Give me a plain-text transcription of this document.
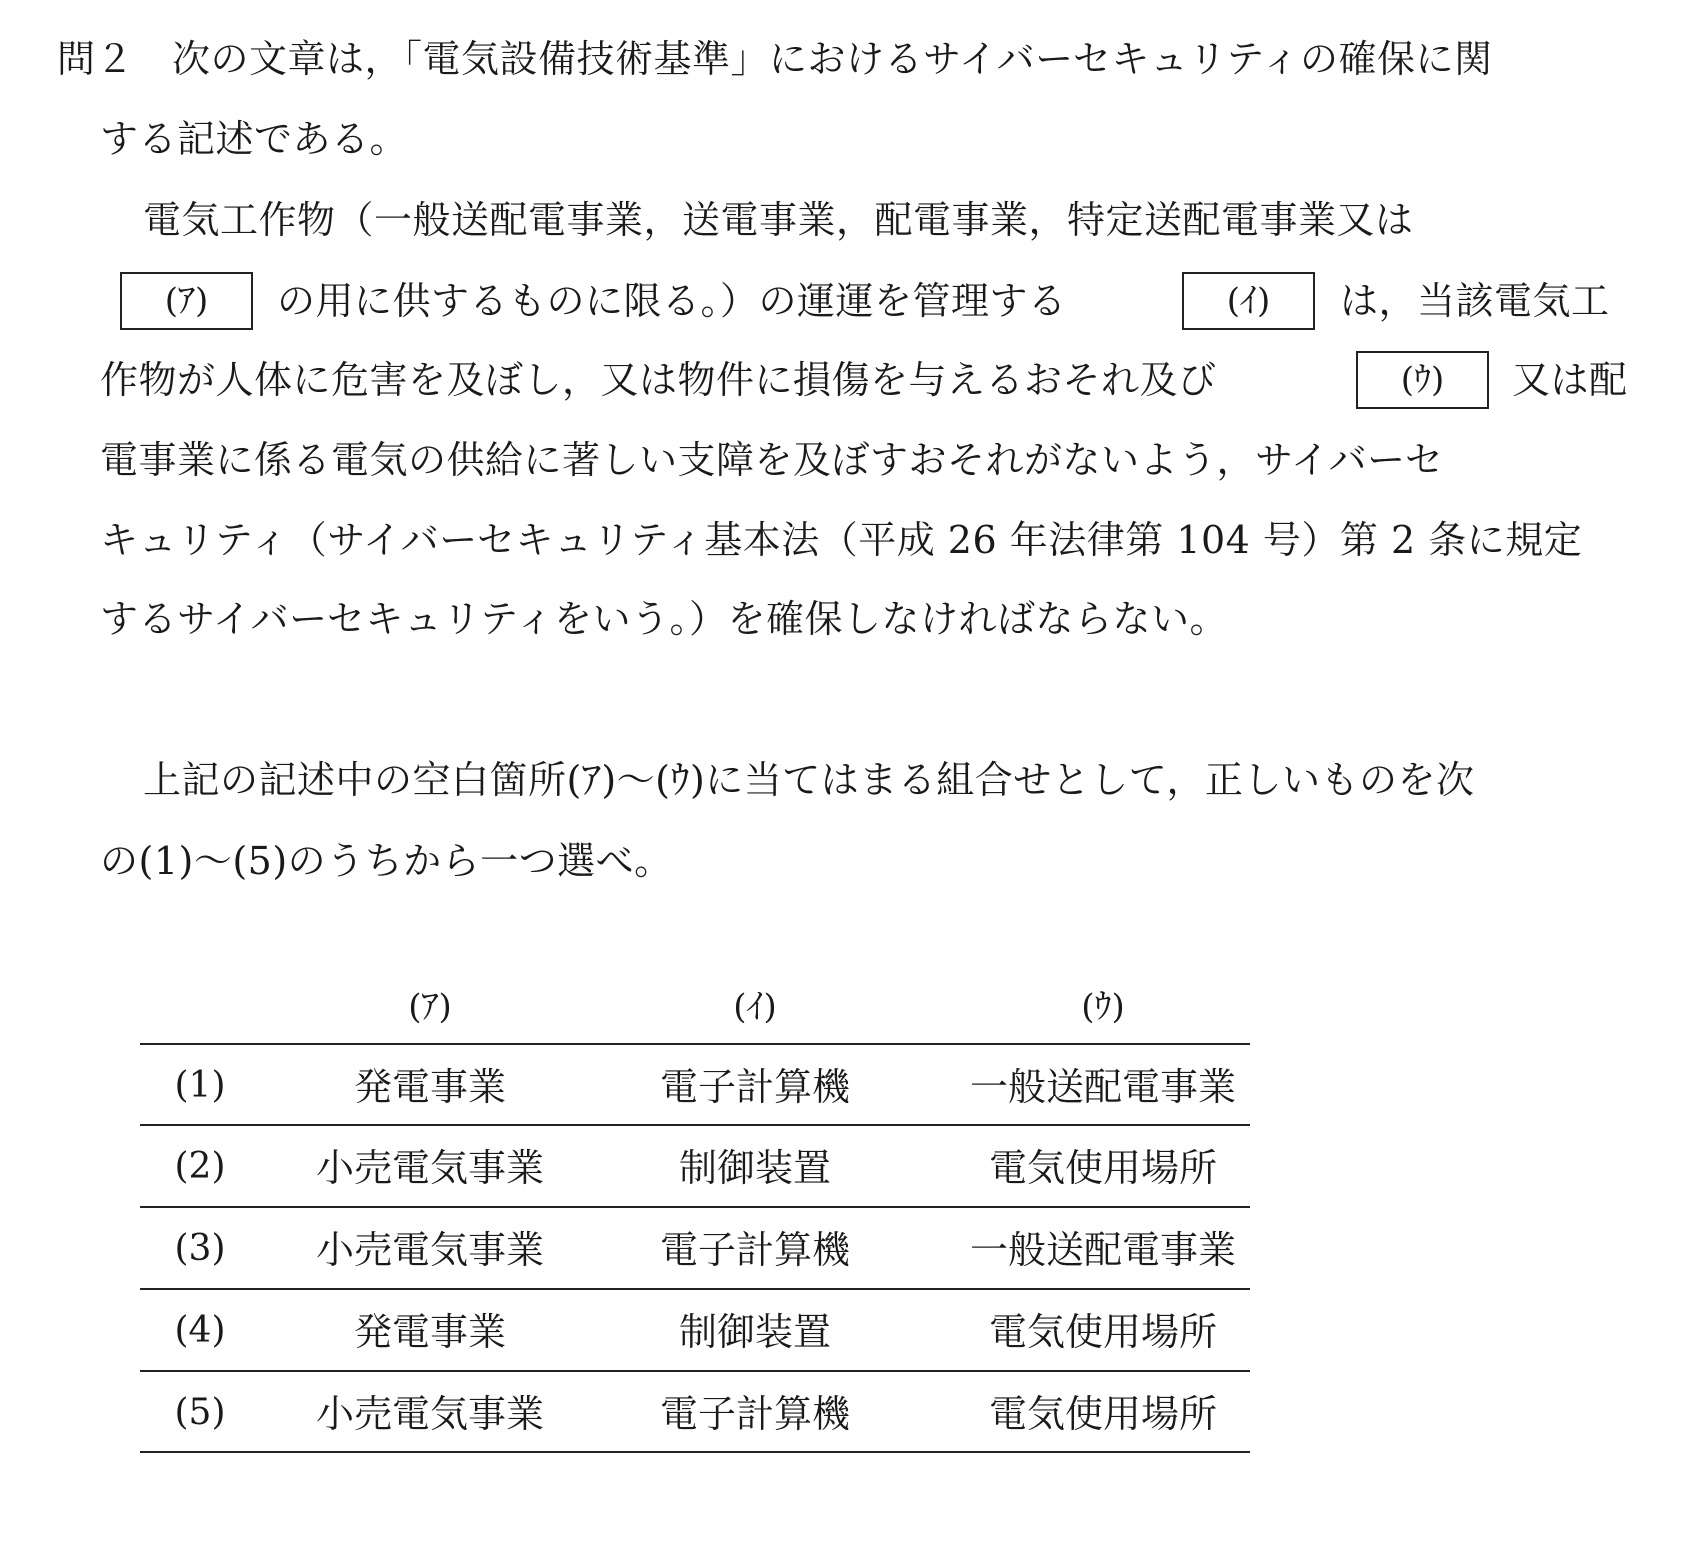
問２ 次の文章は，「電気設備技術基準」におけるサイバーセキュリティの確保に関
する記述である。
電気工作物（一般送配電事業，送電事業，配電事業，特定送配電事業又は
(ｱ) の用に供するものに限る。）の運運を管理する	(ｲ) は，当該電気工
作物が人体に危害を及ぼし，又は物件に損傷を与えるおそれ及び	(ｳ) 又は配
電事業に係る電気の供給に著しい支障を及ぼすおそれがないよう，サイバーセ
キュリティ（サイバーセキュリティ基本法（平成 26 年法律第 104 号）第 2 条に規定
するサイバーセキュリティをいう。）を確保しなければならない。
上記の記述中の空白箇所(ｱ)～(ｳ)に当てはまる組合せとして，正しいものを次
の(1)～(5)のうちから一つ選べ。
(ｱ)	(ｲ)	(ｳ)
(1)	発電事業	電子計算機	一般送配電事業
(2)	小売電気事業	制御装置	電気使用場所
(3)	小売電気事業	電子計算機	一般送配電事業
(4)	発電事業	制御装置	電気使用場所
(5)	小売電気事業	電子計算機	電気使用場所
